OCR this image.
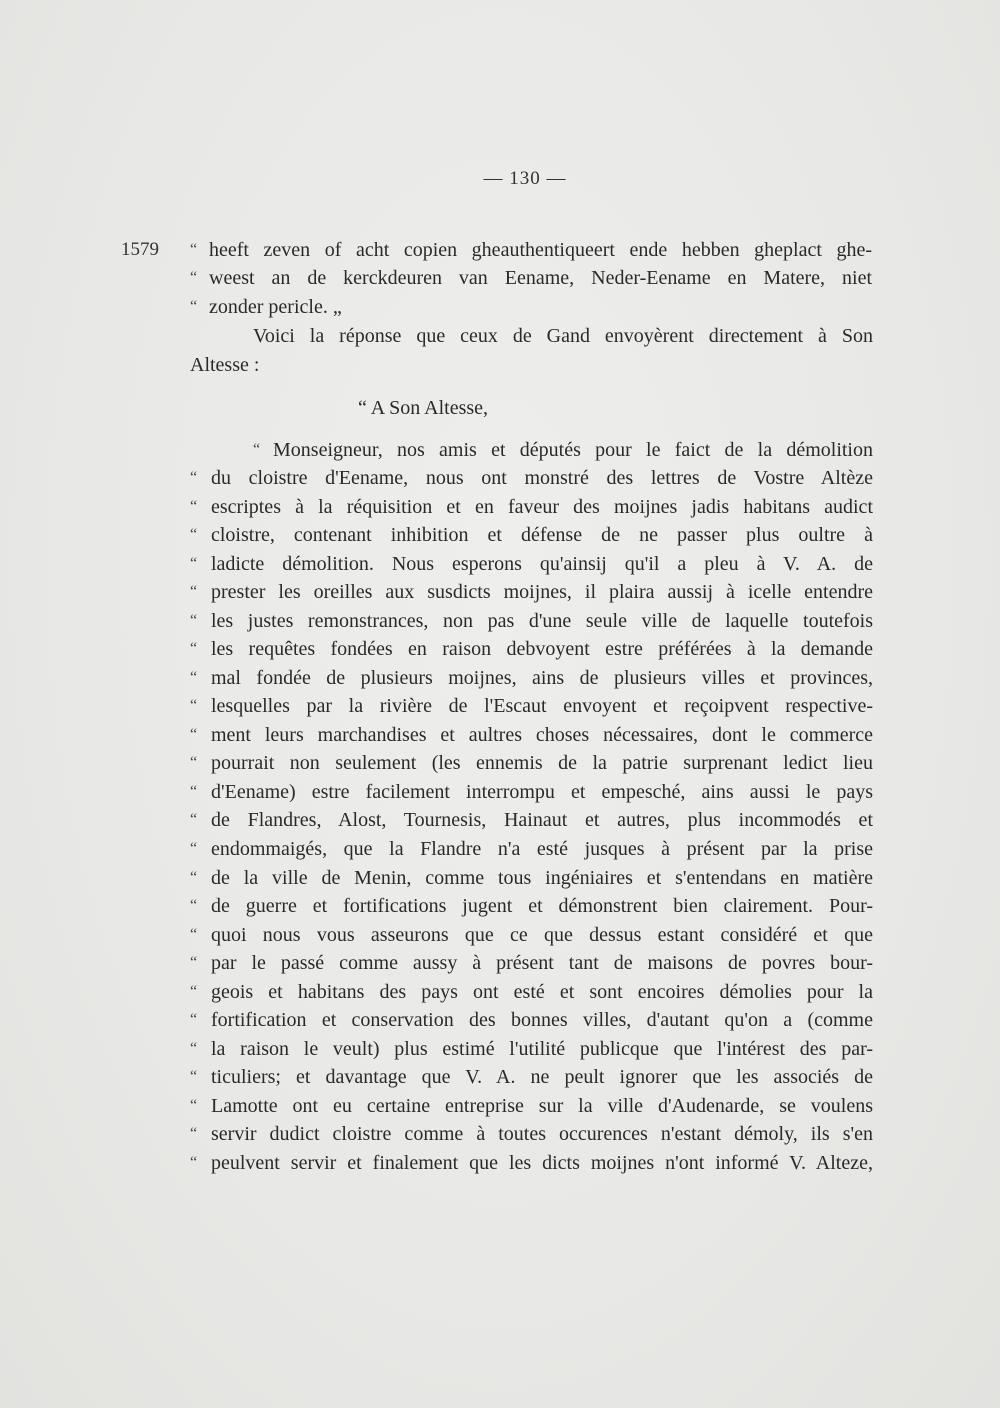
— 130 —
1579 “ heeft zeven of acht copien gheauthentiqueert ende hebben gheplact ghe-
“ weest an de kerckdeuren van Eename, Neder-Eename en Matere, niet
“ zonder pericle. „
Voici la réponse que ceux de Gand envoyèrent directement à Son
Altesse :
“ A Son Altesse,
“ Monseigneur, nos amis et députés pour le faict de la démolition
“ du cloistre d'Eename, nous ont monstré des lettres de Vostre Altèze
“ escriptes à la réquisition et en faveur des moijnes jadis habitans audict
“ cloistre, contenant inhibition et défense de ne passer plus oultre à
“ ladicte démolition. Nous esperons qu'ainsij qu'il a pleu à V. A. de
“ prester les oreilles aux susdicts moijnes, il plaira aussij à icelle entendre
“ les justes remonstrances, non pas d'une seule ville de laquelle toutefois
“ les requêtes fondées en raison debvoyent estre préférées à la demande
“ mal fondée de plusieurs moijnes, ains de plusieurs villes et provinces,
“ lesquelles par la rivière de l'Escaut envoyent et reçoipvent respective-
“ ment leurs marchandises et aultres choses nécessaires, dont le commerce
“ pourrait non seulement (les ennemis de la patrie surprenant ledict lieu
“ d'Eename) estre facilement interrompu et empesché, ains aussi le pays
“ de Flandres, Alost, Tournesis, Hainaut et autres, plus incommodés et
“ endommaigés, que la Flandre n'a esté jusques à présent par la prise
“ de la ville de Menin, comme tous ingéniaires et s'entendans en matière
“ de guerre et fortifications jugent et démonstrent bien clairement. Pour-
“ quoi nous vous asseurons que ce que dessus estant considéré et que
“ par le passé comme aussy à présent tant de maisons de povres bour-
“ geois et habitans des pays ont esté et sont encoires démolies pour la
“ fortification et conservation des bonnes villes, d'autant qu'on a (comme
“ la raison le veult) plus estimé l'utilité publicque que l'intérest des par-
“ ticuliers; et davantage que V. A. ne peult ignorer que les associés de
“ Lamotte ont eu certaine entreprise sur la ville d'Audenarde, se voulens
“ servir dudict cloistre comme à toutes occurences n'estant démoly, ils s'en
“ peulvent servir et finalement que les dicts moijnes n'ont informé V. Alteze,
